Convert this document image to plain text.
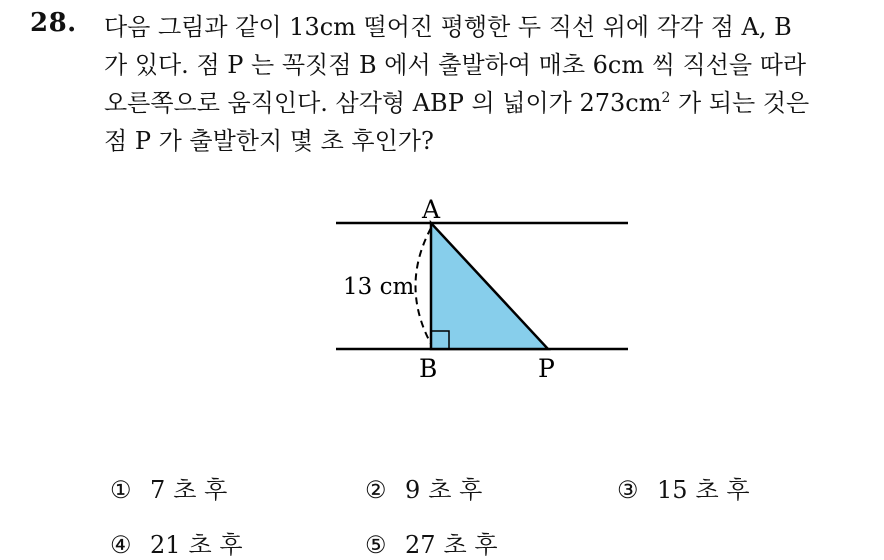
28. 다음 그림과 같이 13cm 떨어진 평행한 두 직선 위에 각각 점 A, B
가 있다. 점 P 는 꼭짓점 B 에서 출발하여 매초 6cm 씩 직선을 따라
오른쪽으로 움직인다. 삼각형 ABP 의 넓이가 $273cm^2$ 가 되는 것은
점 P 가 출발한지 몇 초 후인가?
A
B	P
13 cm
① 7 초 후	② 9 초 후	③ 15 초 후
④ 21 초 후	⑤ 27 초 후
